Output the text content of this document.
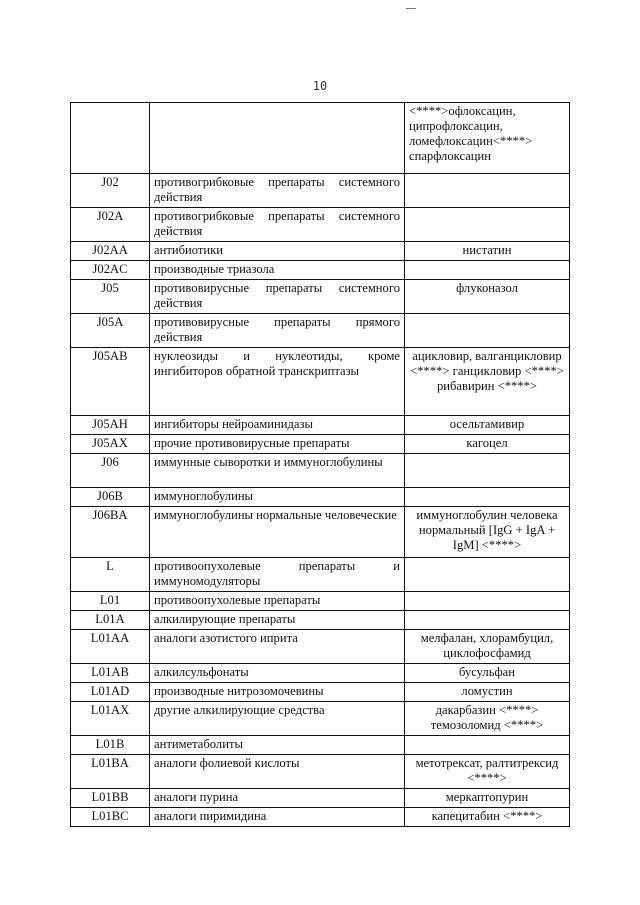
10
		<****>офлоксацин, ципрофлоксацин, ломефлоксацин<****> спарфлоксацин
J02	противогрибковые препараты системного действия	
J02A	противогрибковые препараты системного действия	
J02AA	антибиотики	нистатин
J02AC	производные триазола	
J05	противовирусные препараты системного действия	флуконазол
J05A	противовирусные препараты прямого действия	
J05AB	нуклеозиды и нуклеотиды, кроме ингибиторов обратной транскриптазы	ацикловир, валганцикловир <****> ганцикловир <****> рибавирин <****>
J05AH	ингибиторы нейроаминидазы	осельтамивир
J05AX	прочие противовирусные препараты	кагоцел
J06	иммунные сыворотки и иммуноглобулины	
J06B	иммуноглобулины	
J06BA	иммуноглобулины нормальные человеческие	иммуноглобулин человека нормальный [IgG + IgA + IgM] <****>
L	противоопухолевые препараты и иммуномодуляторы	
L01	противоопухолевые препараты	
L01A	алкилирующие препараты	
L01AA	аналоги азотистого иприта	мелфалан, хлорамбуцил, циклофосфамид
L01AB	алкилсульфонаты	бусульфан
L01AD	производные нитрозомочевины	ломустин
L01AX	другие алкилирующие средства	дакарбазин <****> темозоломид <****>
L01B	антиметаболиты	
L01BA	аналоги фолиевой кислоты	метотрексат, ралтитрексид <****>
L01BB	аналоги пурина	меркаптопурин
L01BC	аналоги пиримидина	капецитабин <****>
